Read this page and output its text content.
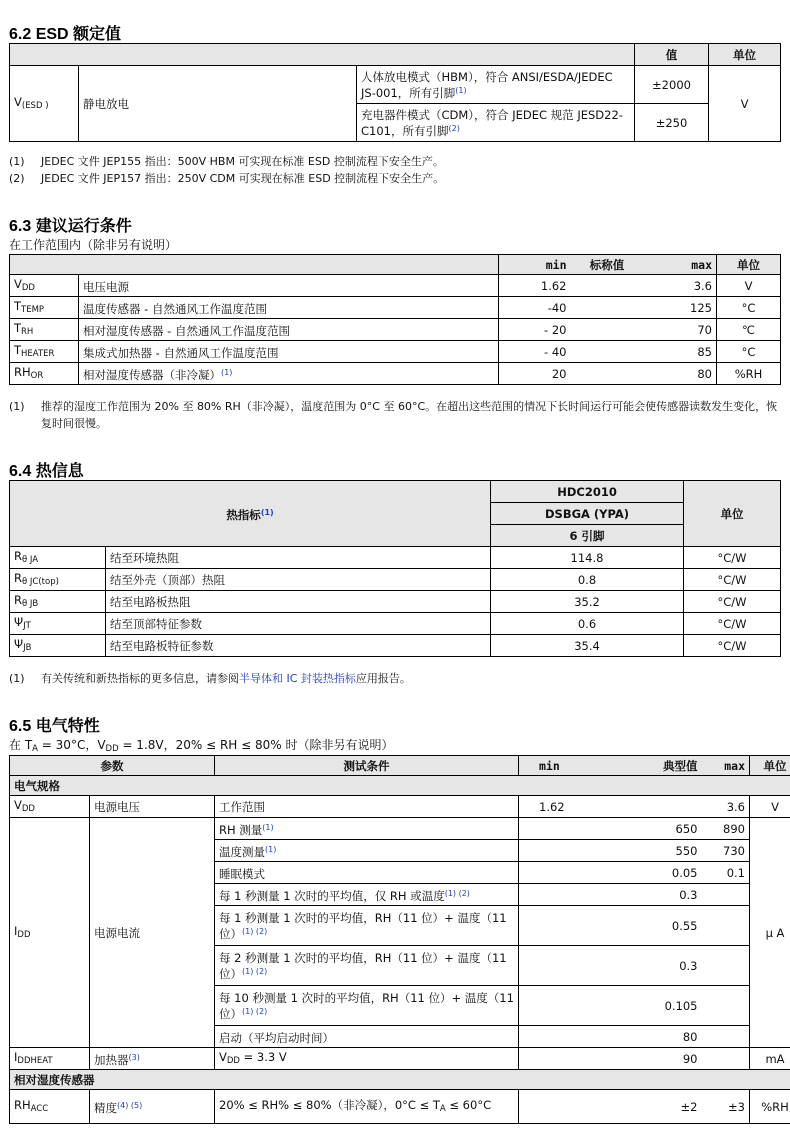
6.2 ESD 额定值
			值	单位
$V_{(ESD )}$	静电放电	人体放电模式（HBM），符合 ANSI/ESDA/JEDEC JS-001，所有引脚$^{(1)}$	±2000	V
		充电器件模式（CDM），符合 JEDEC 规范 JESD22-C101，所有引脚$^{(2)}$	±250	
(1)	JEDEC 文件 JEP155 指出：500V HBM 可实现在标准 ESD 控制流程下安全生产。
(2)	JEDEC 文件 JEP157 指出：250V CDM 可实现在标准 ESD 控制流程下安全生产。
6.3 建议运行条件
在工作范围内（除非另有说明）
		min	标称值	max	单位
$V_{DD}$	电压电源	1.62		3.6	V
$T_{TEMP}$	温度传感器 - 自然通风工作温度范围	-40		125	°C
$T_{RH}$	相对湿度传感器 - 自然通风工作温度范围	- 20		70	℃
$T_{HEATER}$	集成式加热器 - 自然通风工作温度范围	- 40		85	°C
$RH_{OR}$	相对湿度传感器（非冷凝）$^{(1)}$	20		80	%RH
(1)	推荐的湿度工作范围为 20% 至 80% RH（非冷凝），温度范围为 0°C 至 60°C。在超出这些范围的情况下长时间运行可能会使传感器读数发生变化，恢复时间很慢。
6.4 热信息
热指标$^{(1)}$		HDC2010	单位
		DSBGA (YPA)	
		6 引脚	
$R_{\theta JA}$	结至环境热阻	114.8	°C/W
$R_{\theta JC(top)}$	结至外壳（顶部）热阻	0.8	°C/W
$R_{\theta JB}$	结至电路板热阻	35.2	°C/W
$\Psi_{JT}$	结至顶部特征参数	0.6	°C/W
$\Psi_{JB}$	结至电路板特征参数	35.4	°C/W
(1)	有关传统和新热指标的更多信息，请参阅半导体和 IC 封装热指标应用报告。
6.5 电气特性
在 $T_A = 30^\circ C$，$V_{DD} = 1.8V$，20% ≤ RH ≤ 80% 时（除非另有说明）
参数		测试条件	min	典型值	max	单位
电气规格						
$V_{DD}$	电源电压	工作范围	1.62		3.6	V
$I_{DD}$	电源电流	RH 测量$^{(1)}$		650	890	μ A
		温度测量$^{(1)}$		550	730	
		睡眠模式		0.05	0.1	
		每 1 秒测量 1 次时的平均值，仅 RH 或温度$^{(1) (2)}$		0.3		
		每 1 秒测量 1 次时的平均值，RH（11 位）+ 温度（11 位）$^{(1) (2)}$		0.55		
		每 2 秒测量 1 次时的平均值，RH（11 位）+ 温度（11 位）$^{(1) (2)}$		0.3		
		每 10 秒测量 1 次时的平均值，RH（11 位）+ 温度（11 位）$^{(1) (2)}$		0.105		
		启动（平均启动时间）		80		
$I_{DDHEAT}$	加热器$^{(3)}$	$V_{DD} = 3.3$ V		90		mA
相对湿度传感器						
$RH_{ACC}$	精度$^{(4) (5)}$	20% ≤ RH% ≤ 80%（非冷凝），$0^\circ C \le T_A \le 60^\circ C$		±2	±3	%RH
